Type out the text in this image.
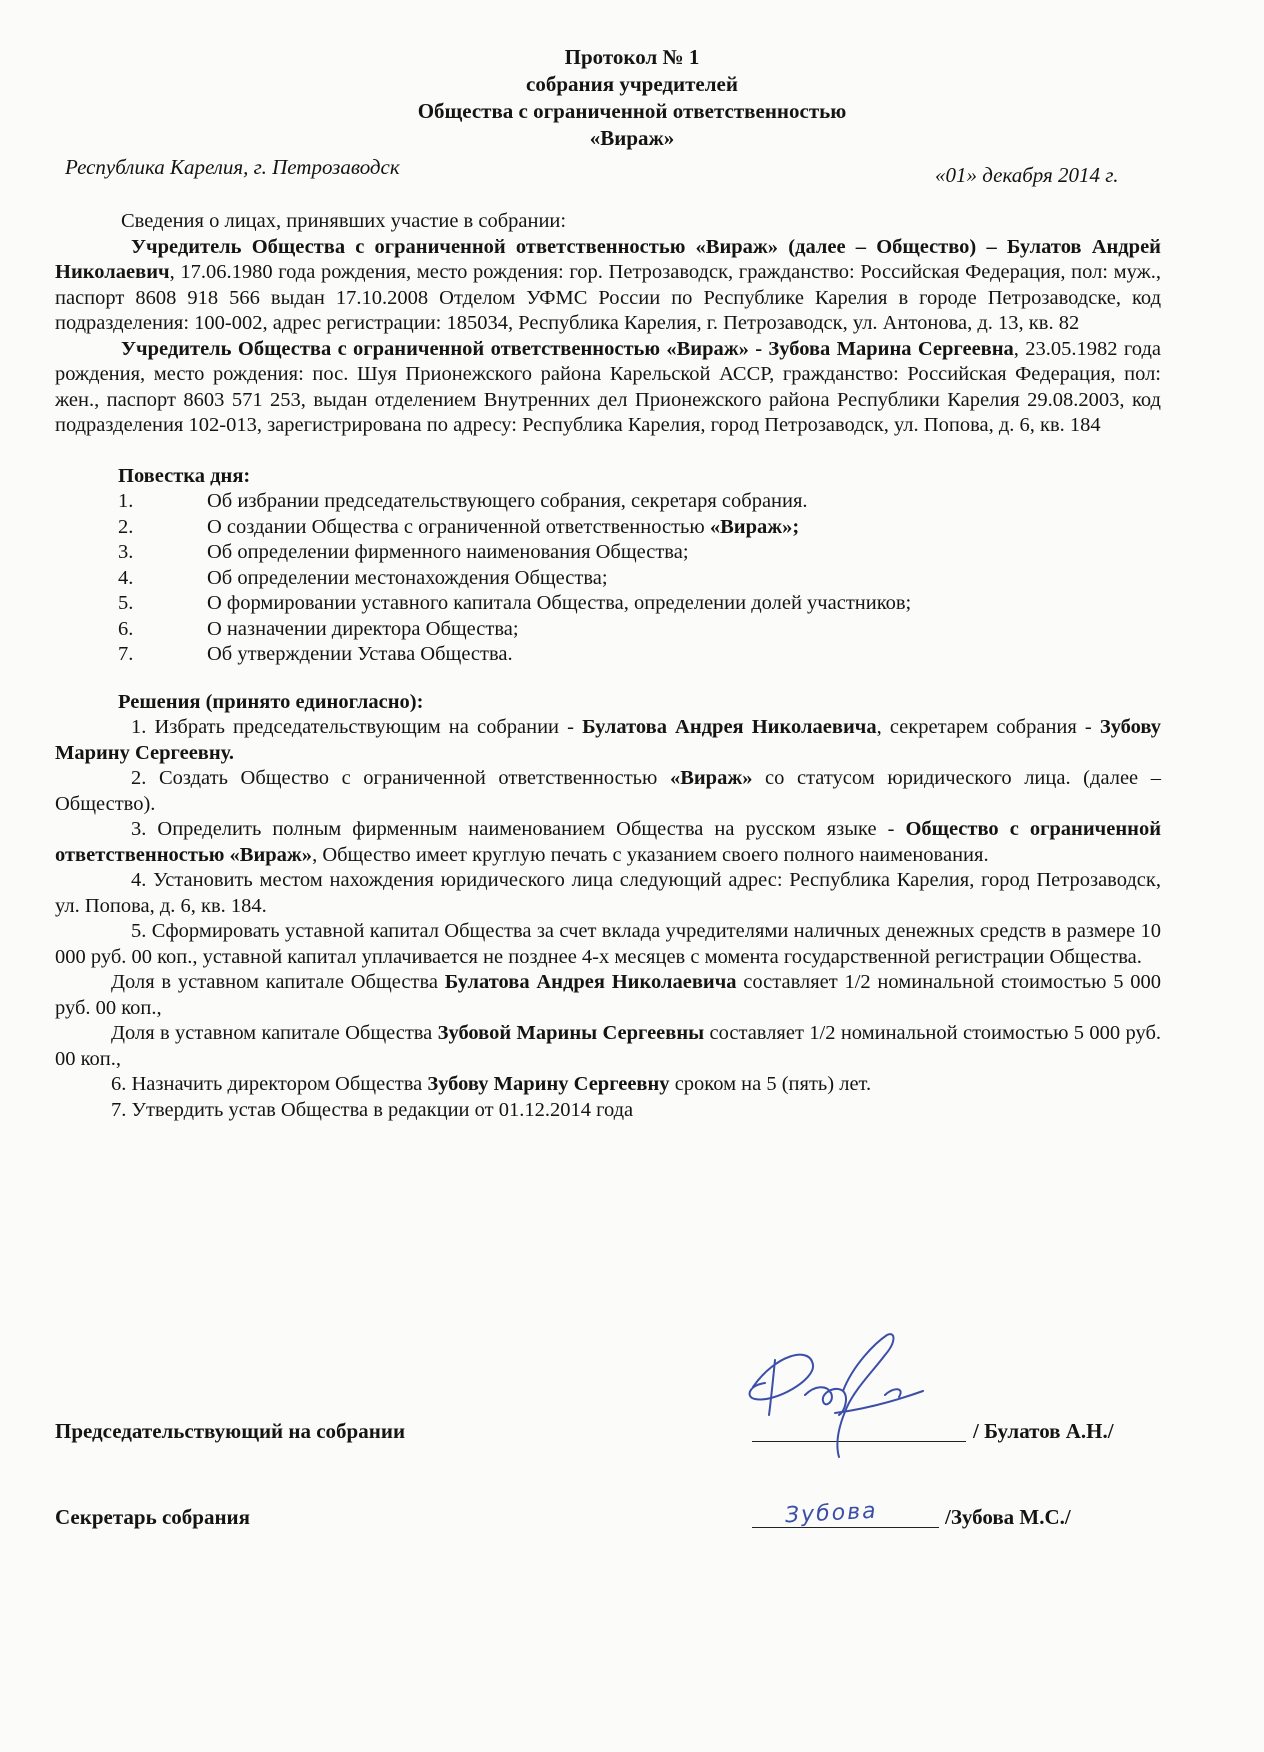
Протокол № 1
собрания учредителей
Общества с ограниченной ответственностью
«Вираж»
Республика Карелия, г. Петрозаводск	«01» декабря 2014 г.

Сведения о лицах, принявших участие в собрании:

Учредитель Общества с ограниченной ответственностью «Вираж» (далее – Общество) – Булатов Андрей Николаевич, 17.06.1980 года рождения, место рождения: гор. Петрозаводск, гражданство: Российская Федерация, пол: муж., паспорт 8608 918 566 выдан 17.10.2008 Отделом УФМС России по Республике Карелия в городе Петрозаводске, код подразделения: 100-002, адрес регистрации: 185034, Республика Карелия, г. Петрозаводск, ул. Антонова, д. 13, кв. 82

Учредитель Общества с ограниченной ответственностью «Вираж» - Зубова Марина Сергеевна, 23.05.1982 года рождения, место рождения: пос. Шуя Прионежского района Карельской АССР, гражданство: Российская Федерация, пол: жен., паспорт 8603 571 253, выдан отделением Внутренних дел Прионежского района Республики Карелия 29.08.2003, код подразделения 102-013, зарегистрирована по адресу: Республика Карелия, город Петрозаводск, ул. Попова, д. 6, кв. 184

Повестка дня:

1.	Об избрании председательствующего собрания, секретаря собрания.
2.	О создании Общества с ограниченной ответственностью «Вираж»;
3.	Об определении фирменного наименования Общества;
4.	Об определении местонахождения Общества;
5.	О формировании уставного капитала Общества, определении долей участников;
6.	О назначении директора Общества;
7.	Об утверждении Устава Общества.

Решения (принято единогласно):

1. Избрать председательствующим на собрании - Булатова Андрея Николаевича, секретарем собрания - Зубову Марину Сергеевну.

2. Создать Общество с ограниченной ответственностью «Вираж» со статусом юридического лица. (далее – Общество).

3. Определить полным фирменным наименованием Общества на русском языке - Общество с ограниченной ответственностью «Вираж», Общество имеет круглую печать с указанием своего полного наименования.

4. Установить местом нахождения юридического лица следующий адрес: Республика Карелия, город Петрозаводск, ул. Попова, д. 6, кв. 184.

5. Сформировать уставной капитал Общества за счет вклада учредителями наличных денежных средств в размере 10 000 руб. 00 коп., уставной капитал уплачивается не позднее 4-х месяцев с момента государственной регистрации Общества.

Доля в уставном капитале Общества Булатова Андрея Николаевича составляет 1/2 номинальной стоимостью 5 000 руб. 00 коп.,

Доля в уставном капитале Общества Зубовой Марины Сергеевны составляет 1/2 номинальной стоимостью 5 000 руб. 00 коп.,

6. Назначить директором Общества Зубову Марину Сергеевну сроком на 5 (пять) лет.

7. Утвердить устав Общества в редакции от 01.12.2014 года

Председательствующий на собрании	/ Булатов А.Н./
Секретарь собрания	/Зубова М.С./
Зубова
